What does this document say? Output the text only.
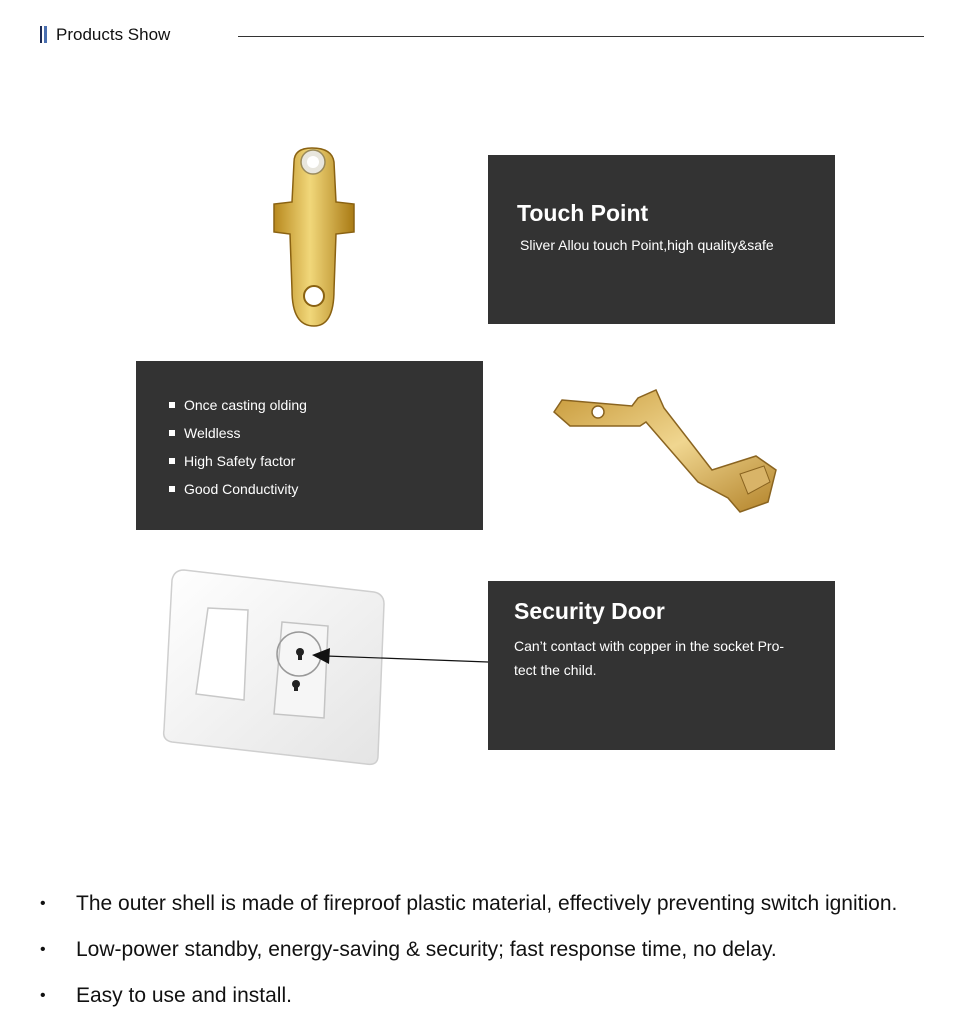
Products Show
Touch Point
Sliver Allou touch Point,high quality&safe
Once casting olding
Weldless
High Safety factor
Good Conductivity
Security Door
Can’t contact with copper in the socket Pro-tect the child.
• The outer shell is made of fireproof plastic material, effectively preventing switch ignition.
• Low-power standby, energy-saving & security; fast response time, no delay.
• Easy to use and install.
